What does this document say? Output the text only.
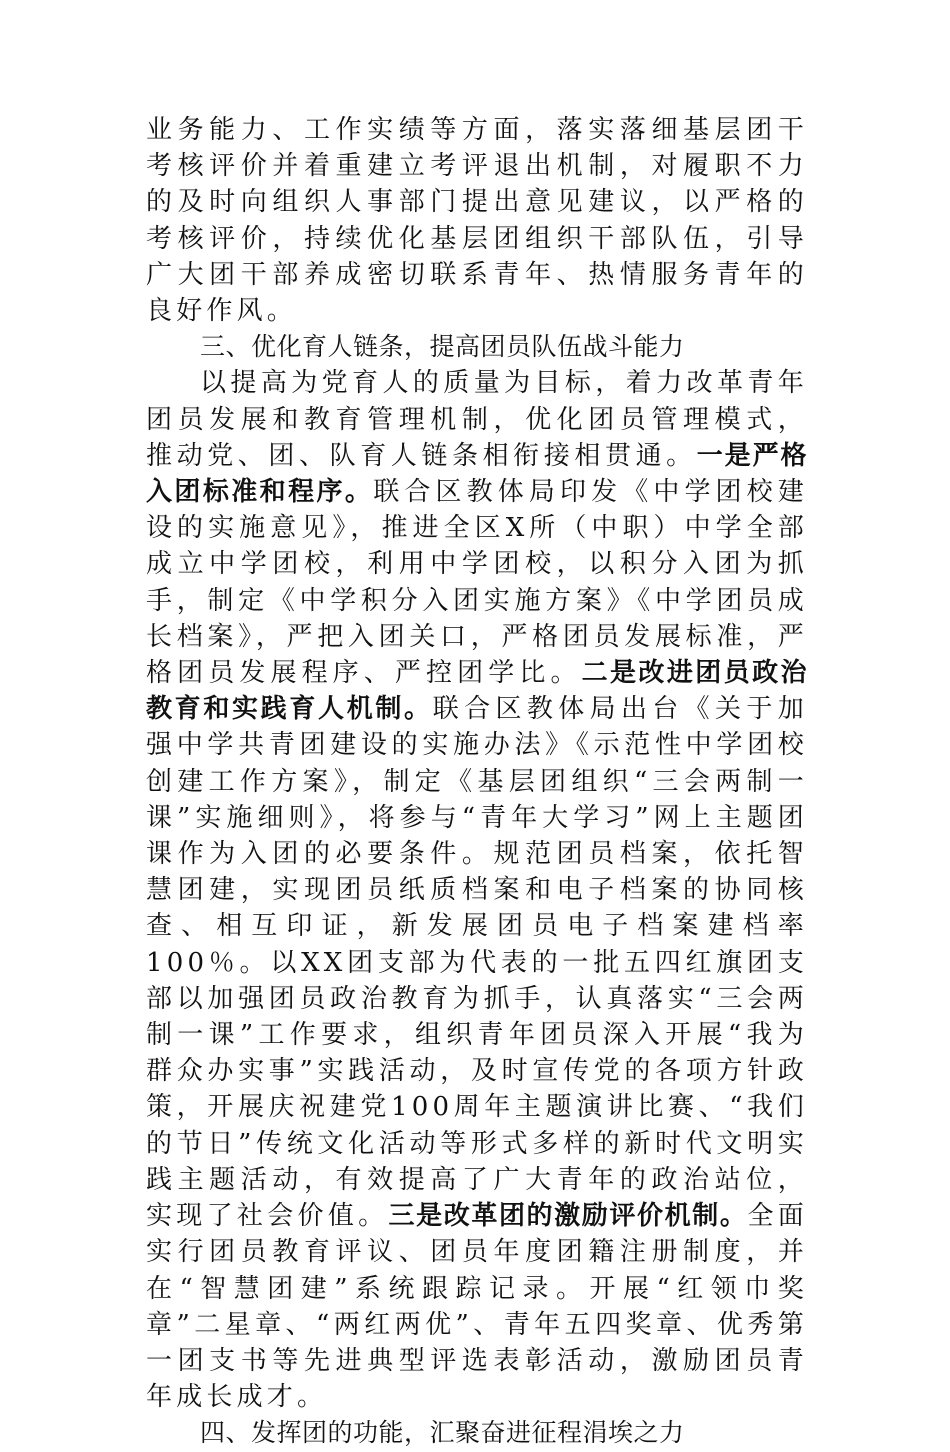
业务能力、工作实绩等方面，落实落细基层团干考核评价并着重建立考评退出机制，对履职不力的及时向组织人事部门提出意见建议，以严格的考核评价，持续优化基层团组织干部队伍，引导广大团干部养成密切联系青年、热情服务青年的良好作风。

三、优化育人链条，提高团员队伍战斗能力

以提高为党育人的质量为目标，着力改革青年团员发展和教育管理机制，优化团员管理模式，推动党、团、队育人链条相衔接相贯通。一是严格入团标准和程序。联合区教体局印发《中学团校建设的实施意见》，推进全区X所（中职）中学全部成立中学团校，利用中学团校，以积分入团为抓手，制定《中学积分入团实施方案》《中学团员成长档案》，严把入团关口，严格团员发展标准，严格团员发展程序、严控团学比。二是改进团员政治教育和实践育人机制。联合区教体局出台《关于加强中学共青团建设的实施办法》《示范性中学团校创建工作方案》，制定《基层团组织“三会两制一课”实施细则》，将参与“青年大学习”网上主题团课作为入团的必要条件。规范团员档案，依托智慧团建，实现团员纸质档案和电子档案的协同核查、相互印证，新发展团员电子档案建档率100％。以XX团支部为代表的一批五四红旗团支部以加强团员政治教育为抓手，认真落实“三会两制一课”工作要求，组织青年团员深入开展“我为群众办实事”实践活动，及时宣传党的各项方针政策，开展庆祝建党100周年主题演讲比赛、“我们的节日”传统文化活动等形式多样的新时代文明实践主题活动，有效提高了广大青年的政治站位，实现了社会价值。三是改革团的激励评价机制。全面实行团员教育评议、团员年度团籍注册制度，并在“智慧团建”系统跟踪记录。开展“红领巾奖章”二星章、“两红两优”、青年五四奖章、优秀第一团支书等先进典型评选表彰活动，激励团员青年成长成才。

四、发挥团的功能，汇聚奋进征程涓埃之力
